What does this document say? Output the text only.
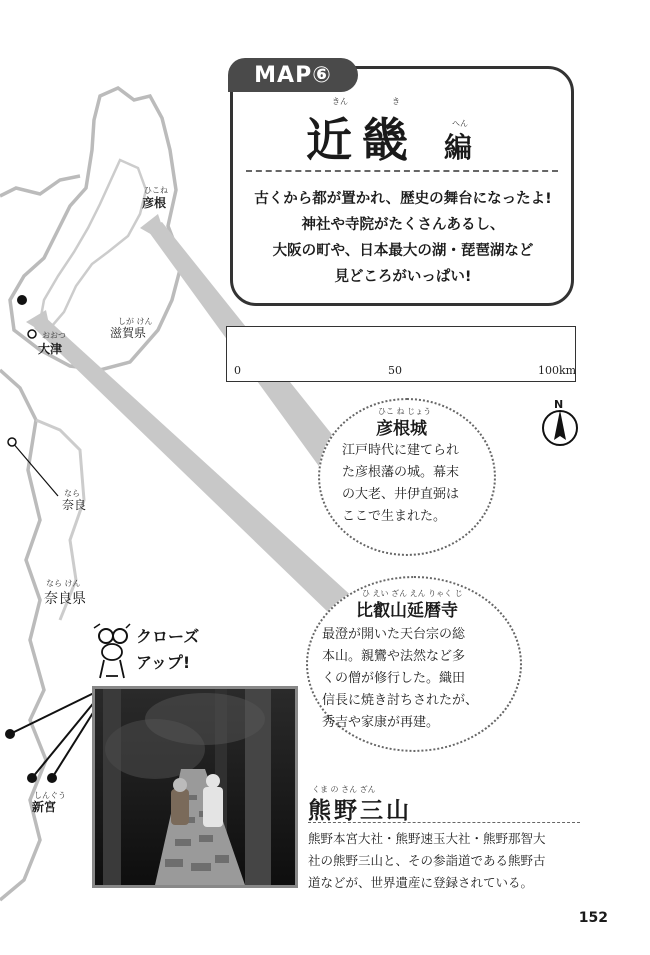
ひこね
彦根
おおつ
大津
しが けん
滋賀県
なら
奈良
なら けん
奈良県
しんぐう
新宮
MAP⑥
きん	き
近畿	へん
編
古くから都が置かれ、歴史の舞台になったよ!
神社や寺院がたくさんあるし、
大阪の町や、日本最大の湖・琵琶湖など
見どころがいっぱい!
0	50	100km
N
ひこ ね じょう
彦根城
江戸時代に建てられ
た彦根藩の城。幕末
の大老、井伊直弼は
ここで生まれた。
ひ えい ざん えん りゃく じ
比叡山延暦寺
最澄が開いた天台宗の総
本山。親鸞や法然など多
くの僧が修行した。織田
信長に焼き討ちされたが、
秀吉や家康が再建。
クローズ
アップ!
くま の さん ざん
熊野三山
熊野本宮大社・熊野速玉大社・熊野那智大
社の熊野三山と、その参詣道である熊野古
道などが、世界遺産に登録されている。
152
